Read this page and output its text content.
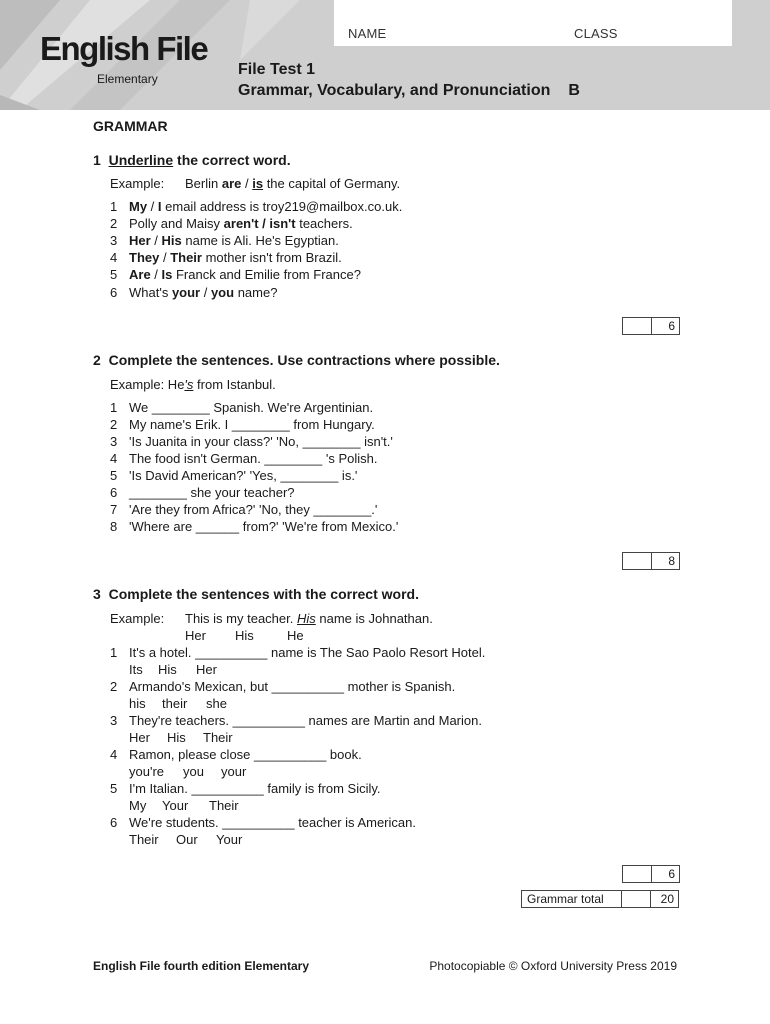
NAME	CLASS
English File
Elementary
File Test 1
Grammar, Vocabulary, and Pronunciation B
GRAMMAR
1 Underline the correct word.
Example: Berlin are / is the capital of Germany.
1 My / I email address is troy219@mailbox.co.uk.
2 Polly and Maisy aren't / isn't teachers.
3 Her / His name is Ali. He's Egyptian.
4 They / Their mother isn't from Brazil.
5 Are / Is Franck and Emilie from France?
6 What's your / you name?
6
2 Complete the sentences. Use contractions where possible.
Example: He's from Istanbul.
1 We ________ Spanish. We're Argentinian.
2 My name's Erik. I ________ from Hungary.
3 'Is Juanita in your class?' 'No, ________ isn't.'
4 The food isn't German. ________ 's Polish.
5 'Is David American?' 'Yes, ________ is.'
6 ________ she your teacher?
7 'Are they from Africa?' 'No, they ________.'
8 'Where are ______ from?' 'We're from Mexico.'
8
3 Complete the sentences with the correct word.
Example: This is my teacher. His name is Johnathan.
Her His	He
1 It's a hotel. __________ name is The Sao Paolo Resort Hotel.
Its His Her
2 Armando's Mexican, but __________ mother is Spanish.
his their she
3 They're teachers. __________ names are Martin and Marion.
Her His Their
4 Ramon, please close __________ book.
you're you your
5 I'm Italian. __________ family is from Sicily.
My Your Their
6 We're students. __________ teacher is American.
Their Our Your
6
Grammar total	20
English File fourth edition Elementary	Photocopiable © Oxford University Press 2019
